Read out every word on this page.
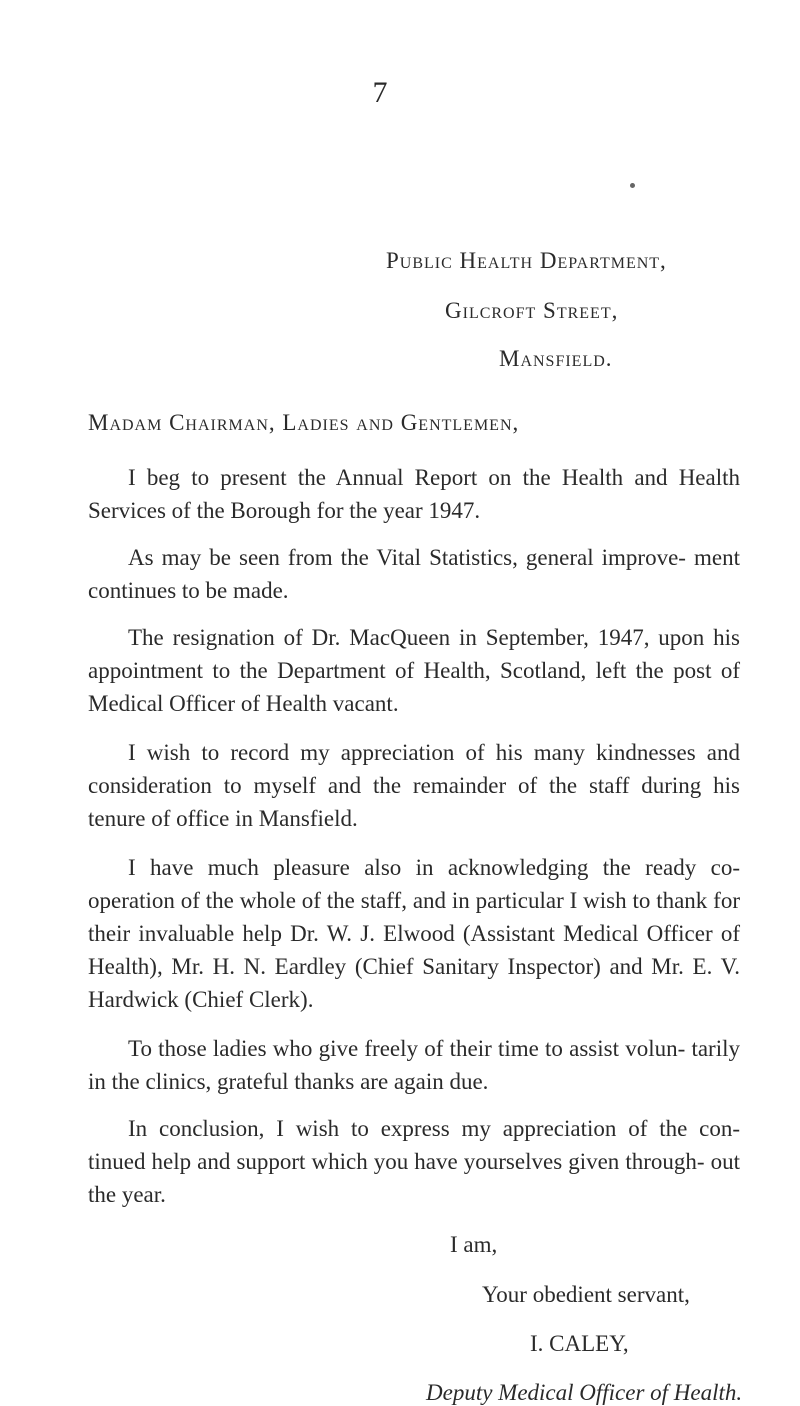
7
Public Health Department,
Gilcroft Street,
Mansfield.
Madam Chairman, Ladies and Gentlemen,

I beg to present the Annual Report on the Health and Health Services of the Borough for the year 1947.

As may be seen from the Vital Statistics, general improve- ment continues to be made.

The resignation of Dr. MacQueen in September, 1947, upon his appointment to the Department of Health, Scotland, left the post of Medical Officer of Health vacant.

I wish to record my appreciation of his many kindnesses and consideration to myself and the remainder of the staff during his tenure of office in Mansfield.

I have much pleasure also in acknowledging the ready co- operation of the whole of the staff, and in particular I wish to thank for their invaluable help Dr. W. J. Elwood (Assistant Medical Officer of Health), Mr. H. N. Eardley (Chief Sanitary Inspector) and Mr. E. V. Hardwick (Chief Clerk).

To those ladies who give freely of their time to assist volun- tarily in the clinics, grateful thanks are again due.

In conclusion, I wish to express my appreciation of the con- tinued help and support which you have yourselves given through- out the year.

I am,
Your obedient servant,
I. CALEY,
Deputy Medical Officer of Health.
